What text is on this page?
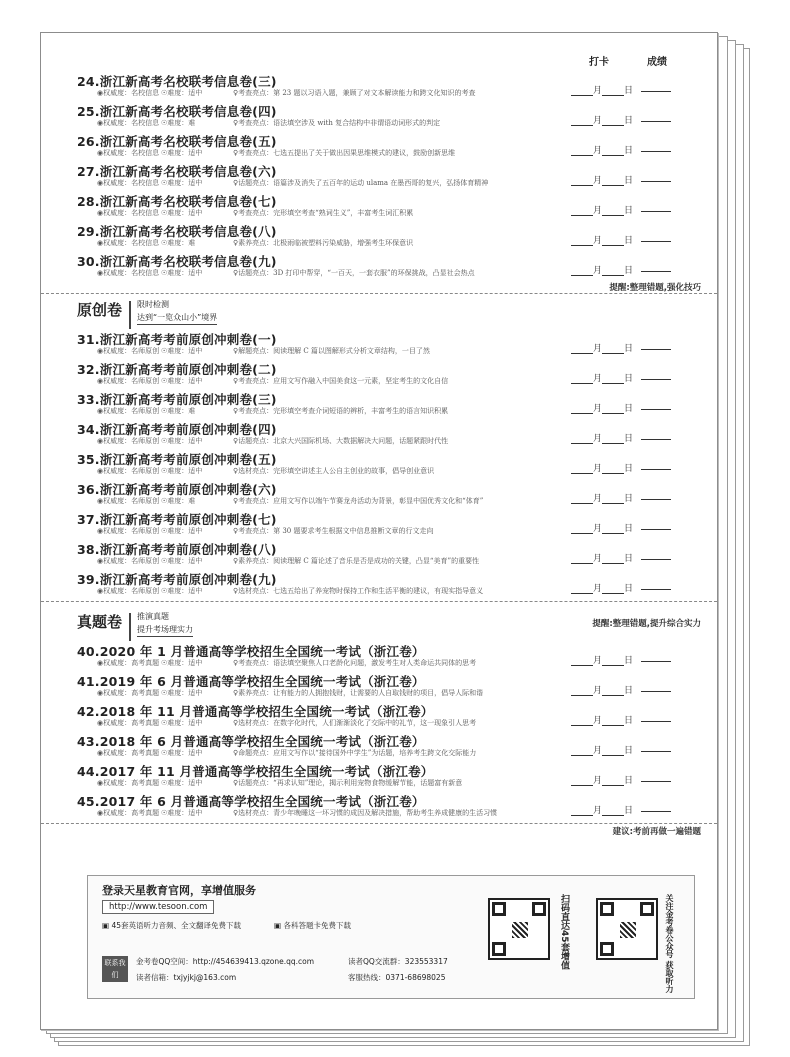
打卡	成绩
24.浙江新高考名校联考信息卷(三)
◉权威度：名校信息 ☉难度：适中	♀考查亮点：第 23 题以习语入题，兼顾了对文本解读能力和跨文化知识的考查	月 日
25.浙江新高考名校联考信息卷(四)
◉权威度：名校信息 ☉难度：难	♀考查亮点：语法填空涉及 with 复合结构中非谓语动词形式的判定	月 日
26.浙江新高考名校联考信息卷(五)
◉权威度：名校信息 ☉难度：适中	♀考查亮点：七选五提出了关于做出因果思维模式的建议，鼓励创新思维	月 日
27.浙江新高考名校联考信息卷(六)
◉权威度：名校信息 ☉难度：适中	♀话题亮点：语篇涉及消失了五百年的运动 ulama 在墨西哥的复兴，弘扬体育精神	月 日
28.浙江新高考名校联考信息卷(七)
◉权威度：名校信息 ☉难度：适中	♀考查亮点：完形填空考查“熟词生义”，丰富考生词汇积累	月 日
29.浙江新高考名校联考信息卷(八)
◉权威度：名校信息 ☉难度：难	♀素养亮点：北极雨临被塑料污染威胁，增强考生环保意识	月 日
30.浙江新高考名校联考信息卷(九)
◉权威度：名校信息 ☉难度：适中	♀话题亮点：3D 打印中帮穿，“一百天，一套衣服”的环保挑战，凸显社会热点	月 日
提醒:整理错题,强化技巧
原创卷 限时检测
达到“一览众山小”境界
31.浙江新高考考前原创冲刺卷(一)
◉权威度：名师原创 ☉难度：适中	♀解题亮点：阅读理解 C 篇以图解形式分析文章结构，一目了然	月 日
32.浙江新高考考前原创冲刺卷(二)
◉权威度：名师原创 ☉难度：适中	♀考查亮点：应用文写作融入中国美食这一元素，坚定考生的文化自信	月 日
33.浙江新高考考前原创冲刺卷(三)
◉权威度：名师原创 ☉难度：难	♀考查亮点：完形填空考查介词短语的辨析，丰富考生的语言知识积累	月 日
34.浙江新高考考前原创冲刺卷(四)
◉权威度：名师原创 ☉难度：适中	♀话题亮点：北京大兴国际机场、大数据解决大问题，话题紧跟时代性	月 日
35.浙江新高考考前原创冲刺卷(五)
◉权威度：名师原创 ☉难度：适中	♀选材亮点：完形填空讲述主人公自主创业的故事，倡导创业意识	月 日
36.浙江新高考考前原创冲刺卷(六)
◉权威度：名师原创 ☉难度：难	♀考查亮点：应用文写作以端午节赛龙舟活动为背景，彰显中国优秀文化和“体育”	月 日
37.浙江新高考考前原创冲刺卷(七)
◉权威度：名师原创 ☉难度：适中	♀考查亮点：第 30 题要求考生根据文中信息推断文章的行文走向	月 日
38.浙江新高考考前原创冲刺卷(八)
◉权威度：名师原创 ☉难度：适中	♀素养亮点：阅读理解 C 篇论述了音乐是否是成功的关键，凸显“美育”的重要性	月 日
39.浙江新高考考前原创冲刺卷(九)
◉权威度：名师原创 ☉难度：适中	♀选材亮点：七选五给出了养宠物时保持工作和生活平衡的建议，有现实指导意义	月 日
提醒:整理错题,提升综合实力
真题卷 推演真题
提升考场理实力
40.2020 年 1 月普通高等学校招生全国统一考试（浙江卷）
◉权威度：高考真题 ☉难度：适中	♀考查亮点：语法填空聚焦人口老龄化问题，激发考生对人类命运共同体的思考	月 日
41.2019 年 6 月普通高等学校招生全国统一考试（浙江卷）
◉权威度：高考真题 ☉难度：适中	♀素养亮点：让有能力的人拥抱钱财，让需要的人自取钱财的项目，倡导人际和谐	月 日
42.2018 年 11 月普通高等学校招生全国统一考试（浙江卷）
◉权威度：高考真题 ☉难度：适中	♀选材亮点：在数字化时代，人们渐渐淡化了交际中的礼节，这一现象引人思考	月 日
43.2018 年 6 月普通高等学校招生全国统一考试（浙江卷）
◉权威度：高考真题 ☉难度：适中	♀命题亮点：应用文写作以“接待国外中学生”为话题，培养考生跨文化交际能力	月 日
44.2017 年 11 月普通高等学校招生全国统一考试（浙江卷）
◉权威度：高考真题 ☉难度：适中	♀话题亮点：“再求认知”理论，揭示利用宠物食物缓解节能，话题富有新意	月 日
45.2017 年 6 月普通高等学校招生全国统一考试（浙江卷）
◉权威度：高考真题 ☉难度：适中	♀选材亮点：青少年晚睡这一坏习惯的成因及解决措施，帮助考生养成健康的生活习惯	月 日
建议:考前再做一遍错题
登录天星教育官网，享增值服务
http://www.tesoon.com
▣ 45套英语听力音频、全文翻译免费下载	▣ 各科答题卡免费下载
联系我们
金考卷QQ空间：http://454639413.qzone.qq.com
读者信箱：txjyjkj@163.com
读者QQ交流群：323553317
客服热线：0371-68698025
扫码直达45套增值	关注金考卷公众号 获取听力
